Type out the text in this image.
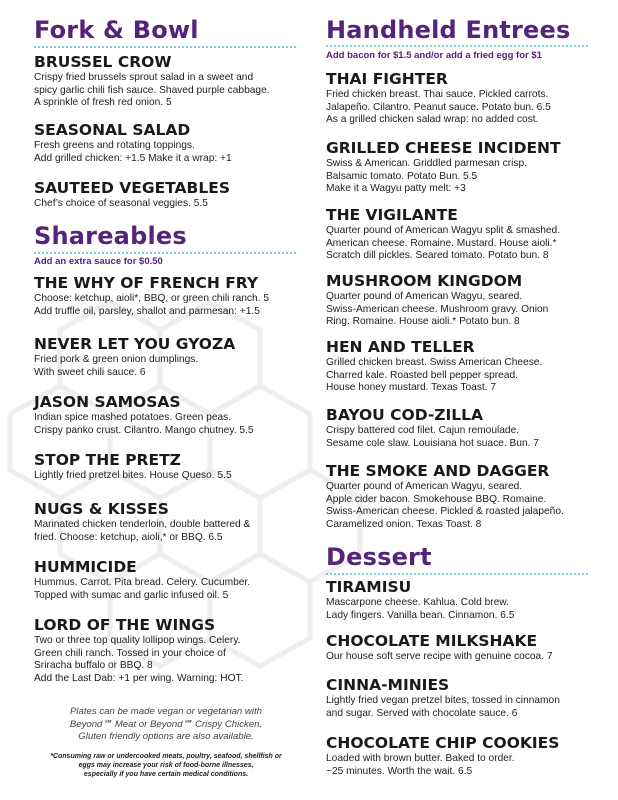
Fork & Bowl
BRUSSEL CROW
Crispy fried brussels sprout salad in a sweet and
spicy garlic chili fish sauce. Shaved purple cabbage.
A sprinkle of fresh red onion. 5
SEASONAL SALAD
Fresh greens and rotating toppings.
Add grilled chicken: +1.5 Make it a wrap: +1
SAUTEED VEGETABLES
Chef’s choice of seasonal veggies. 5.5
Shareables
Add an extra sauce for $0.50
THE WHY OF FRENCH FRY
Choose: ketchup, aioli*, BBQ, or green chili ranch. 5
Add truffle oil, parsley, shallot and parmesan: +1.5
NEVER LET YOU GYOZA
Fried pork & green onion dumplings.
With sweet chili sauce. 6
JASON SAMOSAS
Indian spice mashed potatoes. Green peas.
Crispy panko crust. Cilantro. Mango chutney. 5.5
STOP THE PRETZ
Lightly fried pretzel bites. House Queso. 5.5
NUGS & KISSES
Marinated chicken tenderloin, double battered &
fried. Choose: ketchup, aioli,* or BBQ. 6.5
HUMMICIDE
Hummus. Carrot. Pita bread. Celery. Cucumber.
Topped with sumac and garlic infused oil. 5
LORD OF THE WINGS
Two or three top quality lollipop wings. Celery.
Green chili ranch. Tossed in your choice of
Sriracha buffalo or BBQ. 8
Add the Last Dab: +1 per wing. Warning: HOT.
Plates can be made vegan or vegetarian with
Beyond℠ Meat or Beyond℠ Crispy Chicken.
Gluten friendly options are also available.
*Consuming raw or undercooked meats, poultry, seafood, shellfish or
eggs may increase your risk of food-borne illnesses,
especially if you have certain medical conditions.
Handheld Entrees
Add bacon for $1.5 and/or add a fried egg for $1
THAI FIGHTER
Fried chicken breast. Thai sauce. Pickled carrots.
Jalapeño. Cilantro. Peanut sauce. Potato bun. 6.5
As a grilled chicken salad wrap: no added cost.
GRILLED CHEESE INCIDENT
Swiss & American. Griddled parmesan crisp.
Balsamic tomato. Potato Bun. 5.5
Make it a Wagyu patty melt: +3
THE VIGILANTE
Quarter pound of American Wagyu split & smashed.
American cheese. Romaine. Mustard. House aioli.*
Scratch dill pickles. Seared tomato. Potato bun. 8
MUSHROOM KINGDOM
Quarter pound of American Wagyu, seared.
Swiss-American cheese. Mushroom gravy. Onion
Ring. Romaine. House aioli.* Potato bun. 8
HEN AND TELLER
Grilled chicken breast. Swiss American Cheese.
Charred kale. Roasted bell pepper spread.
House honey mustard. Texas Toast. 7
BAYOU COD-ZILLA
Crispy battered cod filet. Cajun remoulade.
Sesame cole slaw. Louisiana hot suace. Bun. 7
THE SMOKE AND DAGGER
Quarter pound of American Wagyu, seared.
Apple cider bacon. Smokehouse BBQ. Romaine.
Swiss-American cheese. Pickled & roasted jalapeño.
Caramelized onion. Texas Toast. 8
Dessert
TIRAMISU
Mascarpone cheese. Kahlua. Cold brew.
Lady fingers. Vanilla bean. Cinnamon. 6.5
CHOCOLATE MILKSHAKE
Our house soft serve recipe with genuine cocoa. 7
CINNA-MINIES
Lightly fried vegan pretzel bites, tossed in cinnamon
and sugar. Served with chocolate sauce. 6
CHOCOLATE CHIP COOKIES
Loaded with brown butter. Baked to order.
~25 minutes. Worth the wait. 6.5
